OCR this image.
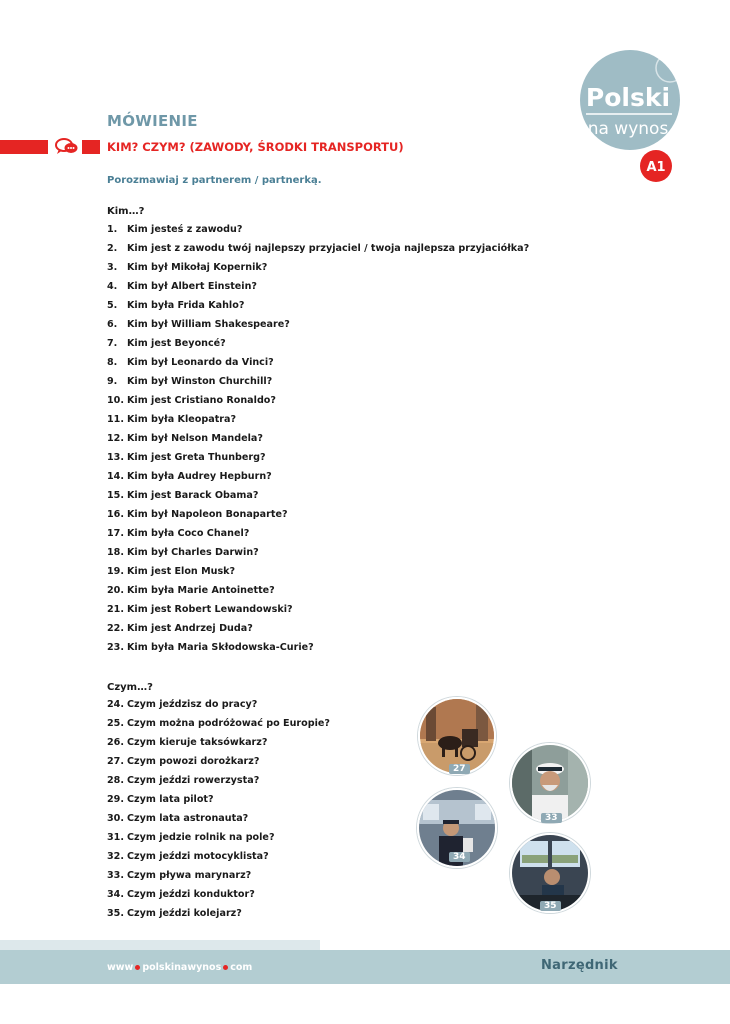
MÓWIENIE
KIM? CZYM? (ZAWODY, ŚRODKI TRANSPORTU)
Porozmawiaj z partnerem / partnerką.
Polski
na wynos
A1
Kim…?
1. Kim jesteś z zawodu?
2. Kim jest z zawodu twój najlepszy przyjaciel / twoja najlepsza przyjaciółka?
3. Kim był Mikołaj Kopernik?
4. Kim był Albert Einstein?
5. Kim była Frida Kahlo?
6. Kim był William Shakespeare?
7. Kim jest Beyoncé?
8. Kim był Leonardo da Vinci?
9. Kim był Winston Churchill?
10. Kim jest Cristiano Ronaldo?
11. Kim była Kleopatra?
12. Kim był Nelson Mandela?
13. Kim jest Greta Thunberg?
14. Kim była Audrey Hepburn?
15. Kim jest Barack Obama?
16. Kim był Napoleon Bonaparte?
17. Kim była Coco Chanel?
18. Kim był Charles Darwin?
19. Kim jest Elon Musk?
20. Kim była Marie Antoinette?
21. Kim jest Robert Lewandowski?
22. Kim jest Andrzej Duda?
23. Kim była Maria Skłodowska-Curie?
Czym…?
24. Czym jeździsz do pracy?
25. Czym można podróżować po Europie?
26. Czym kieruje taksówkarz?
27. Czym powozi dorożkarz?
28. Czym jeździ rowerzysta?
29. Czym lata pilot?
30. Czym lata astronauta?
31. Czym jedzie rolnik na pole?
32. Czym jeździ motocyklista?
33. Czym pływa marynarz?
34. Czym jeździ konduktor?
35. Czym jeździ kolejarz?
27
33
34
35
www polskinawynos com	Narzędnik
